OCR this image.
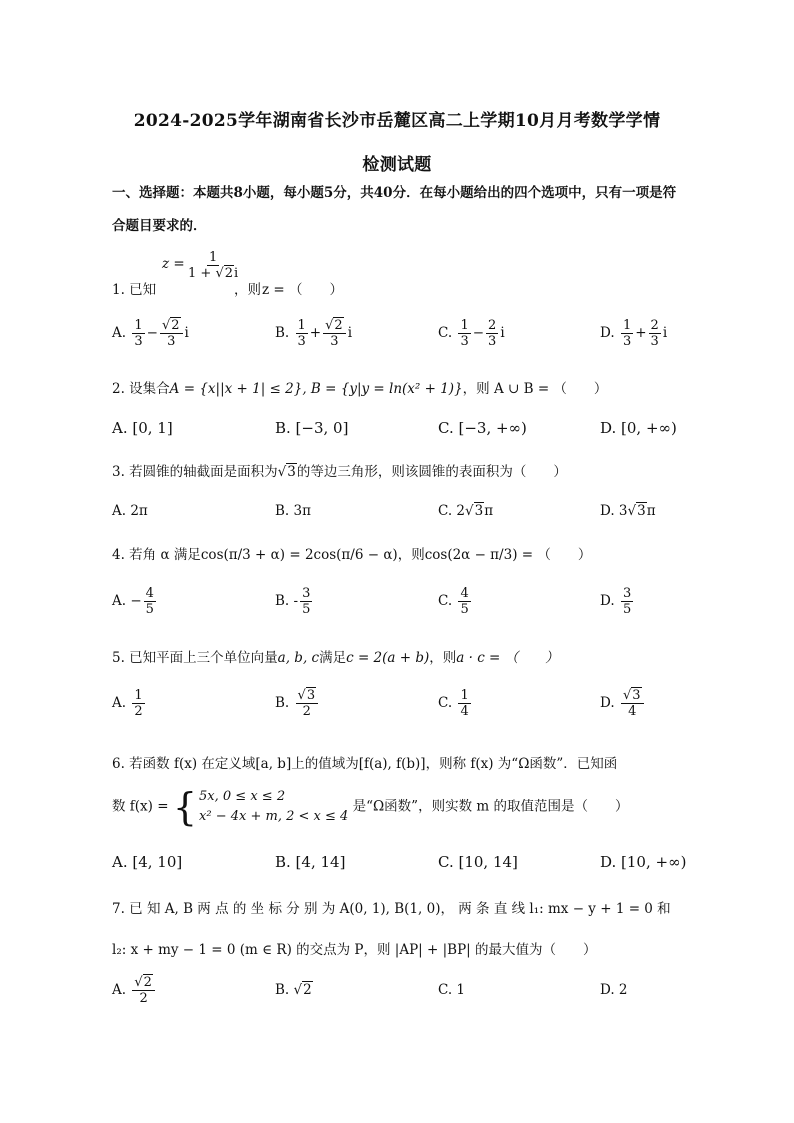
2024-2025学年湖南省长沙市岳麓区高二上学期10月月考数学学情
检测试题
一、选择题：本题共8小题，每小题5分，共40分．在每小题给出的四个选项中，只有一项是符合题目要求的．
z = 1
1 + √2i
1. 已知	，则 z = （　　）
A. $\frac{1}{3} - \frac{√2}{3}$ i	B. $\frac{1}{3} + \frac{√2}{3}$ i	C. $\frac{1}{3} - \frac{2}{3}$ i	D. $\frac{1}{3} + \frac{2}{3}$ i
2. 设集合A = {x||x + 1| ≤ 2}, B = {y|y = ln(x² + 1)}，则 A ∪ B = （　　）
A. [0, 1]	B. [−3, 0]	C. [−3, +∞)	D. [0, +∞)
3. 若圆锥的轴截面是面积为√3的等边三角形，则该圆锥的表面积为（　　）
A. 2π	B. 3π	C. 2√3π	D. 3√3π
4. 若角 α 满足cos(π/3 + α) = 2cos(π/6 − α)，则cos(2α − π/3) = （　　）
A. − $\frac{4}{5}$	B. - $\frac{3}{5}$	C. $\frac{4}{5}$	D. $\frac{3}{5}$
5. 已知平面上三个单位向量a, b, c满足c = 2(a + b)，则a · c = （　　）
A. $\frac{1}{2}$	B. $\frac{√3}{2}$	C. $\frac{1}{4}$	D. $\frac{√3}{4}$
6. 若函数 f(x) 在定义域[a, b]上的值域为[f(a), f(b)]，则称 f(x) 为“Ω函数”．已知函
数 f(x) = { 5x, 0 ≤ x ≤ 2
x² − 4x + m, 2 < x ≤ 4
是“Ω函数”，则实数 m 的取值范围是（　　）
A. [4, 10]	B. [4, 14]	C. [10, 14]	D. [10, +∞)
7. 已 知 A, B 两 点 的 坐 标 分 别 为 A(0, 1), B(1, 0)， 两 条 直 线 l₁: mx − y + 1 = 0 和
l₂: x + my − 1 = 0 (m ∈ R) 的交点为 P，则 |AP| + |BP| 的最大值为（　　）
A. $\frac{√2}{2}$	B. √2	C. 1	D. 2
